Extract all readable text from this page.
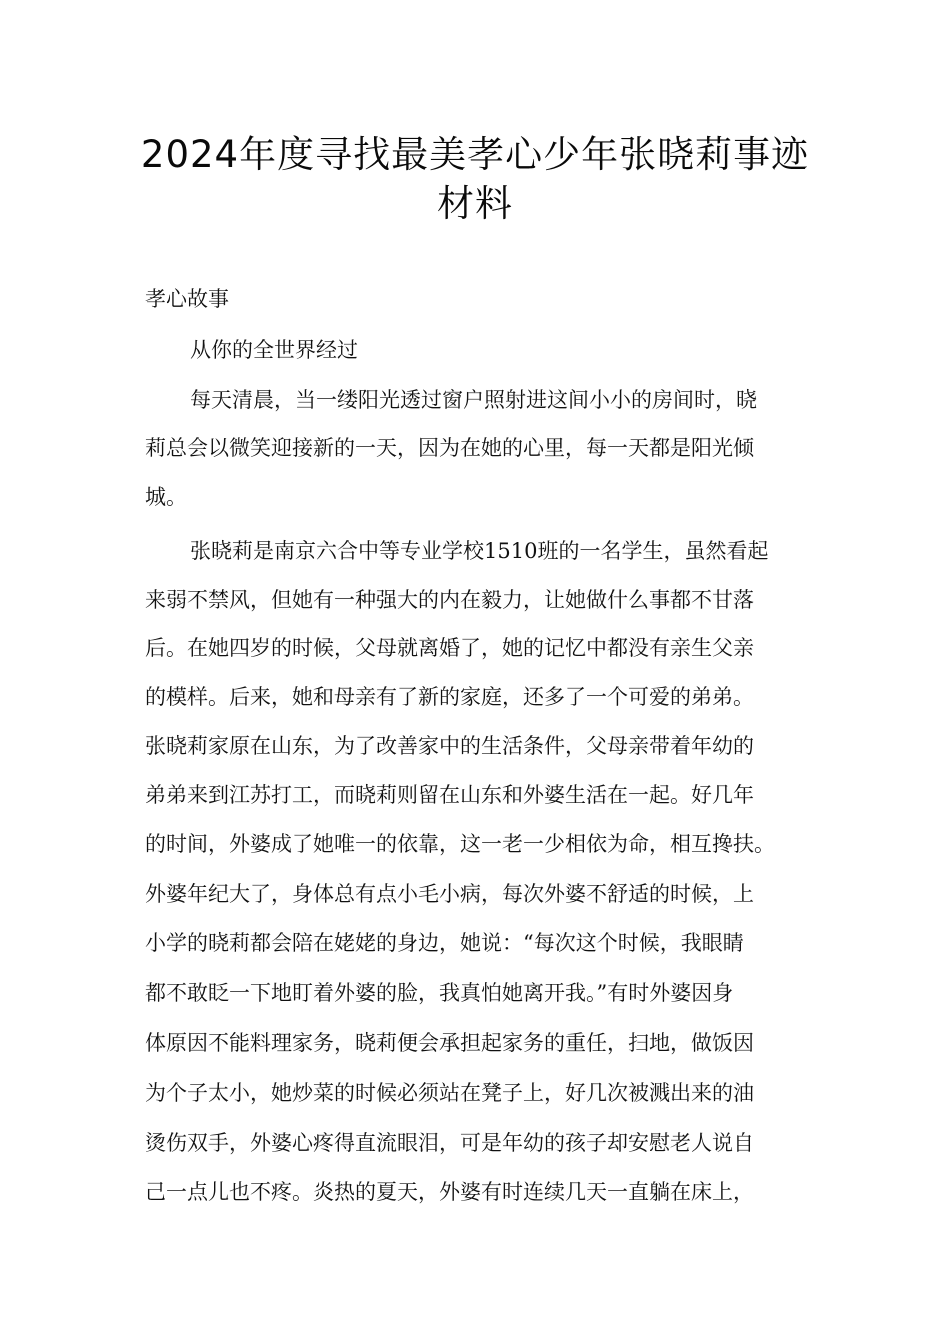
2024年度寻找最美孝心少年张晓莉事迹
材料
孝心故事
从你的全世界经过
每天清晨，当一缕阳光透过窗户照射进这间小小的房间时，晓
莉总会以微笑迎接新的一天，因为在她的心里，每一天都是阳光倾
城。
张晓莉是南京六合中等专业学校1510班的一名学生，虽然看起
来弱不禁风，但她有一种强大的内在毅力，让她做什么事都不甘落
后。在她四岁的时候，父母就离婚了，她的记忆中都没有亲生父亲
的模样。后来，她和母亲有了新的家庭，还多了一个可爱的弟弟。
张晓莉家原在山东，为了改善家中的生活条件，父母亲带着年幼的
弟弟来到江苏打工，而晓莉则留在山东和外婆生活在一起。好几年
的时间，外婆成了她唯一的依靠，这一老一少相依为命，相互搀扶。
外婆年纪大了，身体总有点小毛小病，每次外婆不舒适的时候，上
小学的晓莉都会陪在姥姥的身边，她说：“每次这个时候，我眼睛
都不敢眨一下地盯着外婆的脸，我真怕她离开我。”有时外婆因身
体原因不能料理家务，晓莉便会承担起家务的重任，扫地，做饭因
为个子太小，她炒菜的时候必须站在凳子上，好几次被溅出来的油
烫伤双手，外婆心疼得直流眼泪，可是年幼的孩子却安慰老人说自
己一点儿也不疼。炎热的夏天，外婆有时连续几天一直躺在床上，
